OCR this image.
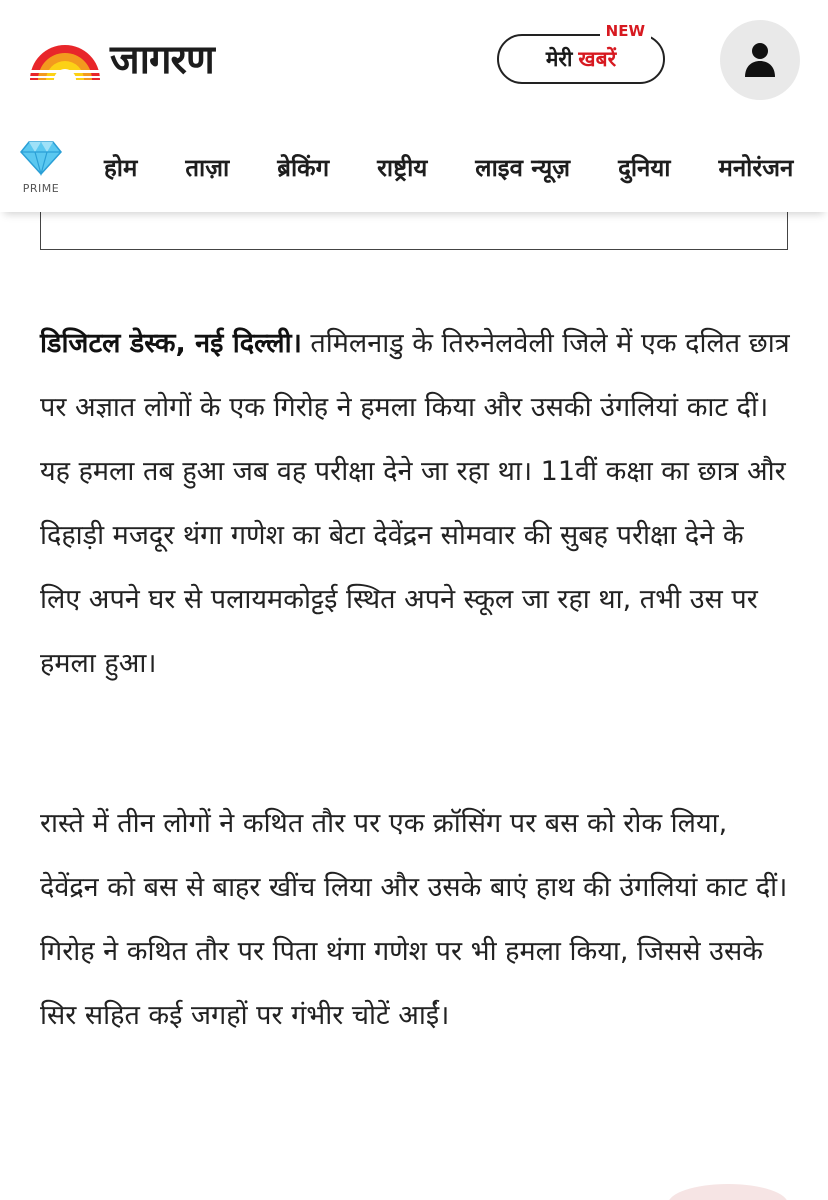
जागरण	मेरी खबरें
NEW
PRIME
होम ताज़ा ब्रेकिंग राष्ट्रीय लाइव न्यूज़ दुनिया मनोरंजन

डिजिटल डेस्क, नई दिल्ली। तमिलनाडु के तिरुनेलवेली जिले में एक दलित छात्र पर अज्ञात लोगों के एक गिरोह ने हमला किया और उसकी उंगलियां काट दीं। यह हमला तब हुआ जब वह परीक्षा देने जा रहा था। 11वीं कक्षा का छात्र और दिहाड़ी मजदूर थंगा गणेश का बेटा देवेंद्रन सोमवार की सुबह परीक्षा देने के लिए अपने घर से पलायमकोट्टई स्थित अपने स्कूल जा रहा था, तभी उस पर हमला हुआ।

रास्ते में तीन लोगों ने कथित तौर पर एक क्रॉसिंग पर बस को रोक लिया, देवेंद्रन को बस से बाहर खींच लिया और उसके बाएं हाथ की उंगलियां काट दीं। गिरोह ने कथित तौर पर पिता थंगा गणेश पर भी हमला किया, जिससे उसके सिर सहित कई जगहों पर गंभीर चोटें आईं।
